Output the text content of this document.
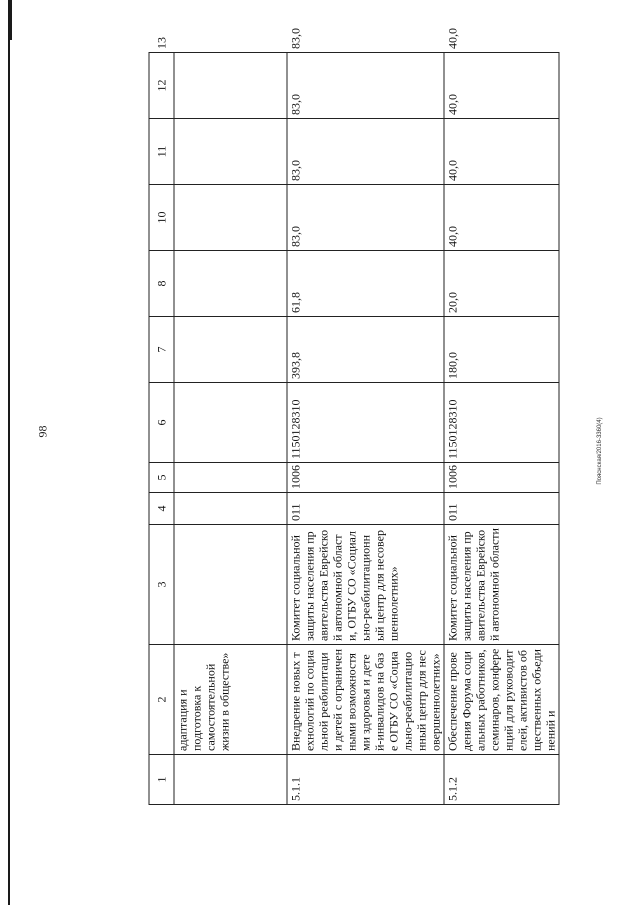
98	Пояснская/2016-3360(4)
1	2	3	4	5	6	7	8	10	11	12	13
	адаптация и подготовка к самостоятельной жизни в обществе»										
5.1.1	Внедрение новых технологий по социальной реабилитации детей с ограниченными возможностями здоровья и детей-инвалидов на базе ОГБУ СО «Социально-реабилитационный центр для несовершеннолетних»	Комитет социальной защиты населения правительства Еврейской автономной области, ОГБУ СО «Социально-реабилитационный центр для несовершеннолетних»	011	1006	1150128310	393,8	61,8	83,0	83,0	83,0	83,0
5.1.2	Обеспечение проведения Форума социальных работников, семинаров, конференций для руководителей, активистов общественных объединений и	Комитет социальной защиты населения правительства Еврейской автономной области	011	1006	1150128310	180,0	20,0	40,0	40,0	40,0	40,0
